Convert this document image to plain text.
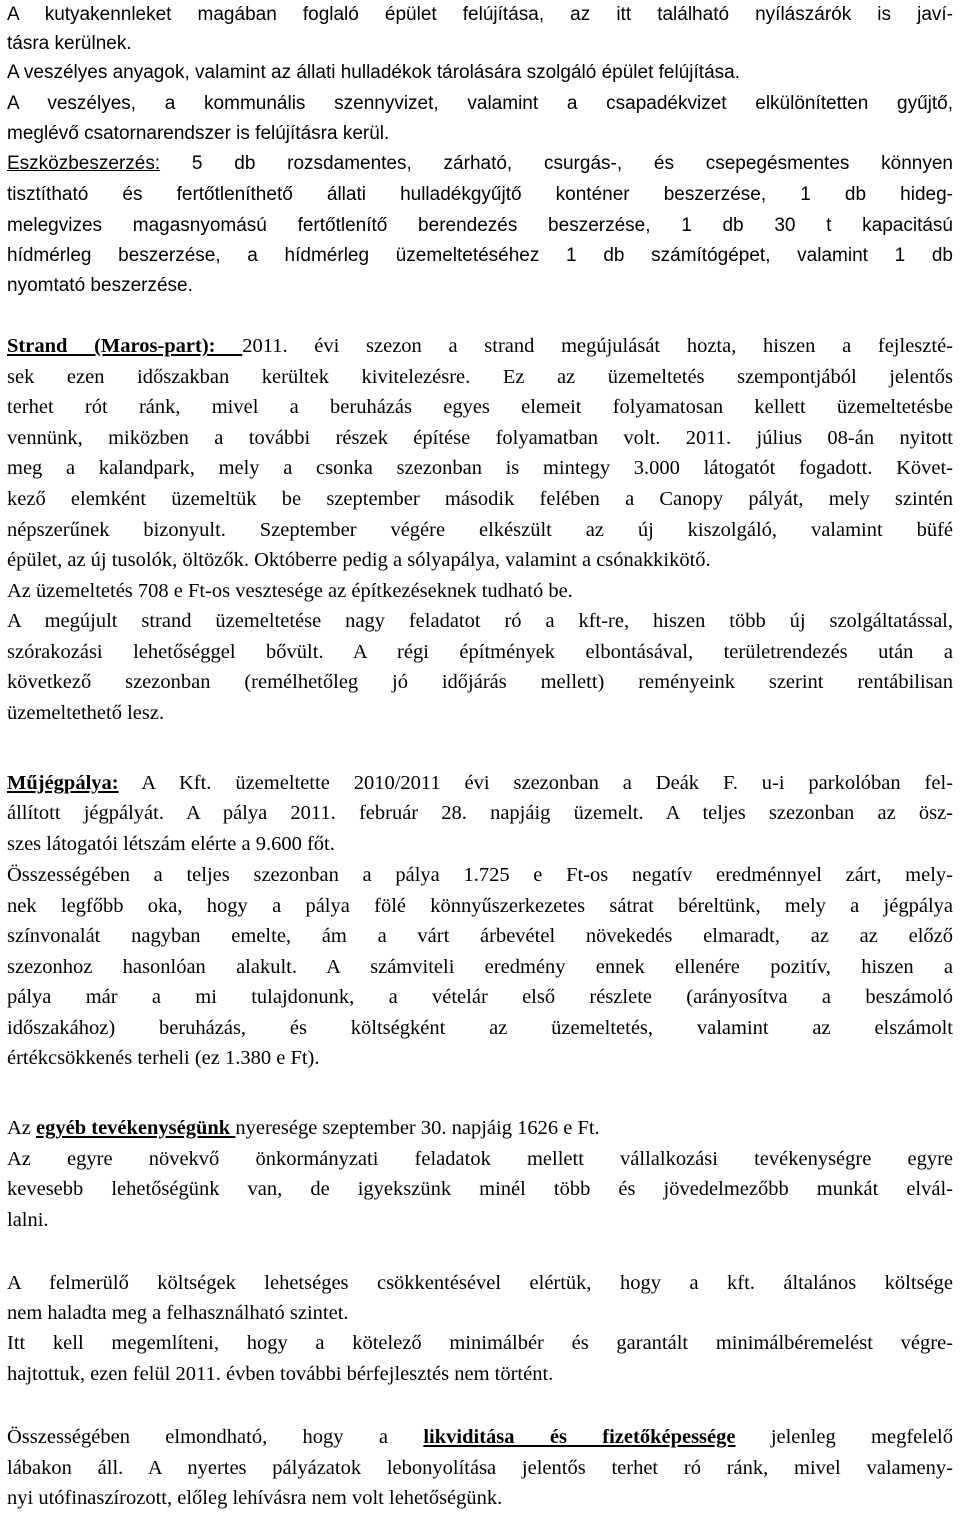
A kutyakennleket magában foglaló épület felújítása, az itt található nyílászárók is javí-
tásra kerülnek.
A veszélyes anyagok, valamint az állati hulladékok tárolására szolgáló épület felújítása.
A veszélyes, a kommunális szennyvizet, valamint a csapadékvizet elkülönítetten gyűjtő,
meglévő csatornarendszer is felújításra kerül.
Eszközbeszerzés: 5 db rozsdamentes, zárható, csurgás-, és csepegésmentes könnyen
tisztítható és fertőtleníthető állati hulladékgyűjtő konténer beszerzése, 1 db hideg-
melegvizes magasnyomású fertőtlenítő berendezés beszerzése, 1 db 30 t kapacitású
hídmérleg beszerzése, a hídmérleg üzemeltetéséhez 1 db számítógépet, valamint 1 db
nyomtató beszerzése.
Strand (Maros-part): 2011. évi szezon a strand megújulását hozta, hiszen a fejleszté-
sek ezen időszakban kerültek kivitelezésre. Ez az üzemeltetés szempontjából jelentős
terhet rót ránk, mivel a beruházás egyes elemeit folyamatosan kellett üzemeltetésbe
vennünk, miközben a további részek építése folyamatban volt. 2011. július 08-án nyitott
meg a kalandpark, mely a csonka szezonban is mintegy 3.000 látogatót fogadott. Követ-
kező elemként üzemeltük be szeptember második felében a Canopy pályát, mely szintén
népszerűnek bizonyult. Szeptember végére elkészült az új kiszolgáló, valamint büfé
épület, az új tusolók, öltözők. Októberre pedig a sólyapálya, valamint a csónakkikötő.
Az üzemeltetés 708 e Ft-os vesztesége az építkezéseknek tudható be.
A megújult strand üzemeltetése nagy feladatot ró a kft-re, hiszen több új szolgáltatással,
szórakozási lehetőséggel bővült. A régi építmények elbontásával, területrendezés után a
következő szezonban (remélhetőleg jó időjárás mellett) reményeink szerint rentábilisan
üzemeltethető lesz.
Műjégpálya: A Kft. üzemeltette 2010/2011 évi szezonban a Deák F. u-i parkolóban fel-
állított jégpályát. A pálya 2011. február 28. napjáig üzemelt. A teljes szezonban az ösz-
szes látogatói létszám elérte a 9.600 főt.
Összességében a teljes szezonban a pálya 1.725 e Ft-os negatív eredménnyel zárt, mely-
nek legfőbb oka, hogy a pálya fölé könnyűszerkezetes sátrat béreltünk, mely a jégpálya
színvonalát nagyban emelte, ám a várt árbevétel növekedés elmaradt, az az előző
szezonhoz hasonlóan alakult. A számviteli eredmény ennek ellenére pozitív, hiszen a
pálya már a mi tulajdonunk, a vételár első részlete (arányosítva a beszámoló
időszakához) beruházás, és költségként az üzemeltetés, valamint az elszámolt
értékcsökkenés terheli (ez 1.380 e Ft).
Az egyéb tevékenységünk nyeresége szeptember 30. napjáig 1626 e Ft.
Az egyre növekvő önkormányzati feladatok mellett vállalkozási tevékenységre egyre
kevesebb lehetőségünk van, de igyekszünk minél több és jövedelmezőbb munkát elvál-
lalni.
A felmerülő költségek lehetséges csökkentésével elértük, hogy a kft. általános költsége
nem haladta meg a felhasználható szintet.
Itt kell megemlíteni, hogy a kötelező minimálbér és garantált minimálbéremelést végre-
hajtottuk, ezen felül 2011. évben további bérfejlesztés nem történt.
Összességében elmondható, hogy a likviditása és fizetőképessége jelenleg megfelelő
lábakon áll. A nyertes pályázatok lebonyolítása jelentős terhet ró ránk, mivel valameny-
nyi utófinaszírozott, előleg lehívásra nem volt lehetőségünk.
